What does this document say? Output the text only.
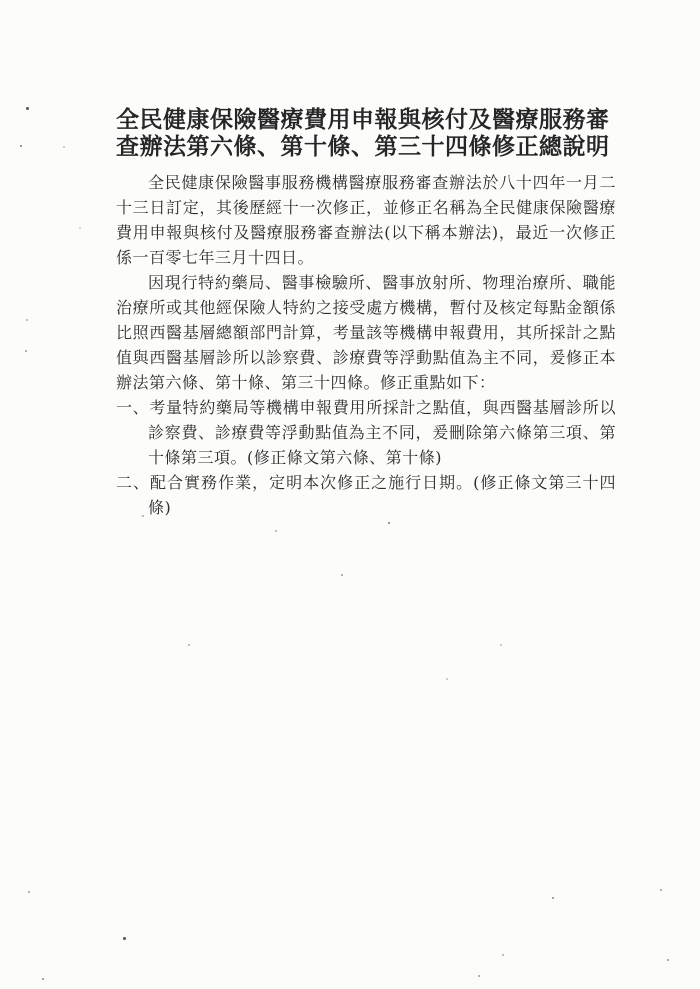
全民健康保險醫療費用申報與核付及醫療服務審
查辦法第六條、第十條、第三十四條修正總說明

全民健康保險醫事服務機構醫療服務審查辦法於八十四年一月二十三日訂定，其後歷經十一次修正，並修正名稱為全民健康保險醫療費用申報與核付及醫療服務審查辦法(以下稱本辦法)，最近一次修正係一百零七年三月十四日。

因現行特約藥局、醫事檢驗所、醫事放射所、物理治療所、職能治療所或其他經保險人特約之接受處方機構，暫付及核定每點金額係比照西醫基層總額部門計算，考量該等機構申報費用，其所採計之點值與西醫基層診所以診察費、診療費等浮動點值為主不同，爰修正本辦法第六條、第十條、第三十四條。修正重點如下：

一、考量特約藥局等機構申報費用所採計之點值，與西醫基層診所以診察費、診療費等浮動點值為主不同，爰刪除第六條第三項、第十條第三項。(修正條文第六條、第十條)
二、配合實務作業，定明本次修正之施行日期。(修正條文第三十四條)
